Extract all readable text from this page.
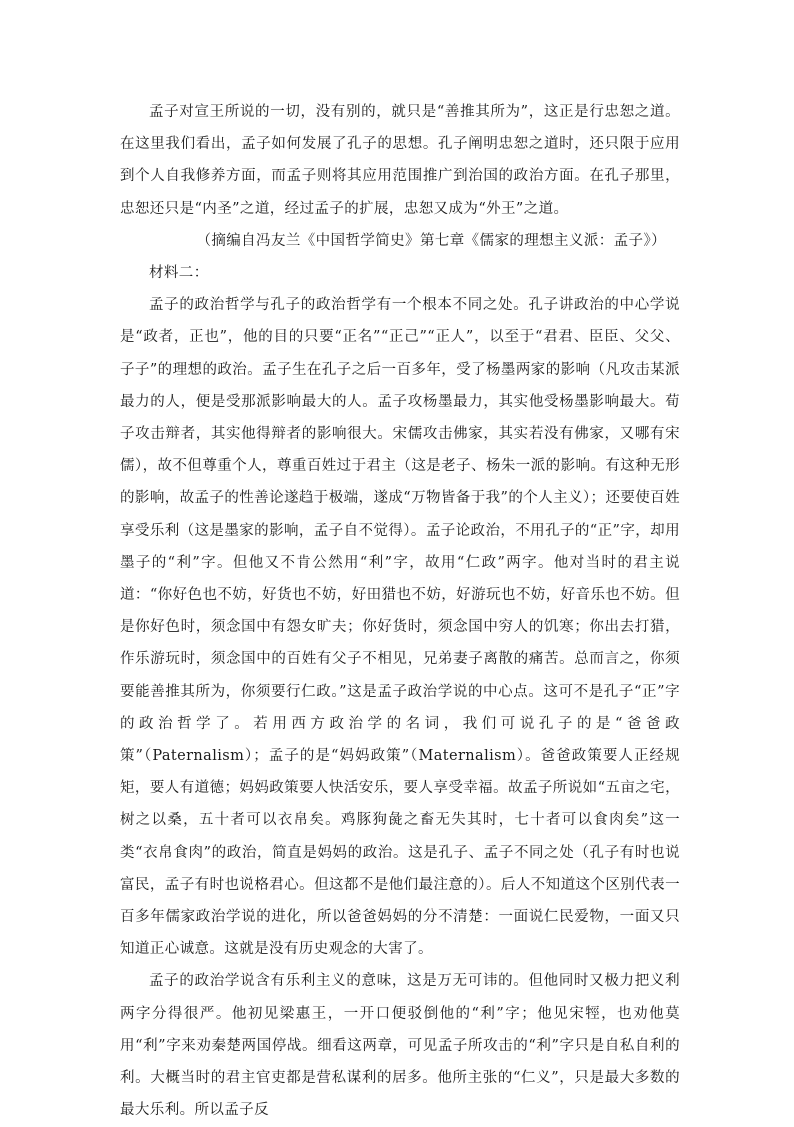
孟子对宣王所说的一切，没有别的，就只是“善推其所为”，这正是行忠恕之道。在这里我们看出，孟子如何发展了孔子的思想。孔子阐明忠恕之道时，还只限于应用到个人自我修养方面，而孟子则将其应用范围推广到治国的政治方面。在孔子那里，忠恕还只是“内圣”之道，经过孟子的扩展，忠恕又成为“外王”之道。

（摘编自冯友兰《中国哲学简史》第七章《儒家的理想主义派：孟子》）

材料二：

孟子的政治哲学与孔子的政治哲学有一个根本不同之处。孔子讲政治的中心学说是“政者，正也”，他的目的只要“正名”“正己”“正人”，以至于“君君、臣臣、父父、子子”的理想的政治。孟子生在孔子之后一百多年，受了杨墨两家的影响（凡攻击某派最力的人，便是受那派影响最大的人。孟子攻杨墨最力，其实他受杨墨影响最大。荀子攻击辩者，其实他得辩者的影响很大。宋儒攻击佛家，其实若没有佛家，又哪有宋儒），故不但尊重个人，尊重百姓过于君主（这是老子、杨朱一派的影响。有这种无形的影响，故孟子的性善论遂趋于极端，遂成“万物皆备于我”的个人主义）；还要使百姓享受乐利（这是墨家的影响，孟子自不觉得）。孟子论政治，不用孔子的“正”字，却用墨子的“利”字。但他又不肯公然用“利”字，故用“仁政”两字。他对当时的君主说道：“你好色也不妨，好货也不妨，好田猎也不妨，好游玩也不妨，好音乐也不妨。但是你好色时，须念国中有怨女旷夫；你好货时，须念国中穷人的饥寒；你出去打猎，作乐游玩时，须念国中的百姓有父子不相见，兄弟妻子离散的痛苦。总而言之，你须要能善推其所为，你须要行仁政。”这是孟子政治学说的中心点。这可不是孔子“正”字的政治哲学了。若用西方政治学的名词，我们可说孔子的是“爸爸政策”（Paternalism）；孟子的是“妈妈政策”（Maternalism）。爸爸政策要人正经规矩，要人有道德；妈妈政策要人快活安乐，要人享受幸福。故孟子所说如“五亩之宅，树之以桑，五十者可以衣帛矣。鸡豚狗彘之畜无失其时，七十者可以食肉矣”这一类“衣帛食肉”的政治，简直是妈妈的政治。这是孔子、孟子不同之处（孔子有时也说富民，孟子有时也说格君心。但这都不是他们最注意的）。后人不知道这个区别代表一百多年儒家政治学说的进化，所以爸爸妈妈的分不清楚：一面说仁民爱物，一面又只知道正心诚意。这就是没有历史观念的大害了。

孟子的政治学说含有乐利主义的意味，这是万无可讳的。但他同时又极力把义利两字分得很严。他初见梁惠王，一开口便驳倒他的“利”字；他见宋牼，也劝他莫用“利”字来劝秦楚两国停战。细看这两章，可见孟子所攻击的“利”字只是自私自利的利。大概当时的君主官吏都是营私谋利的居多。他所主张的“仁义”，只是最大多数的最大乐利。所以孟子反
